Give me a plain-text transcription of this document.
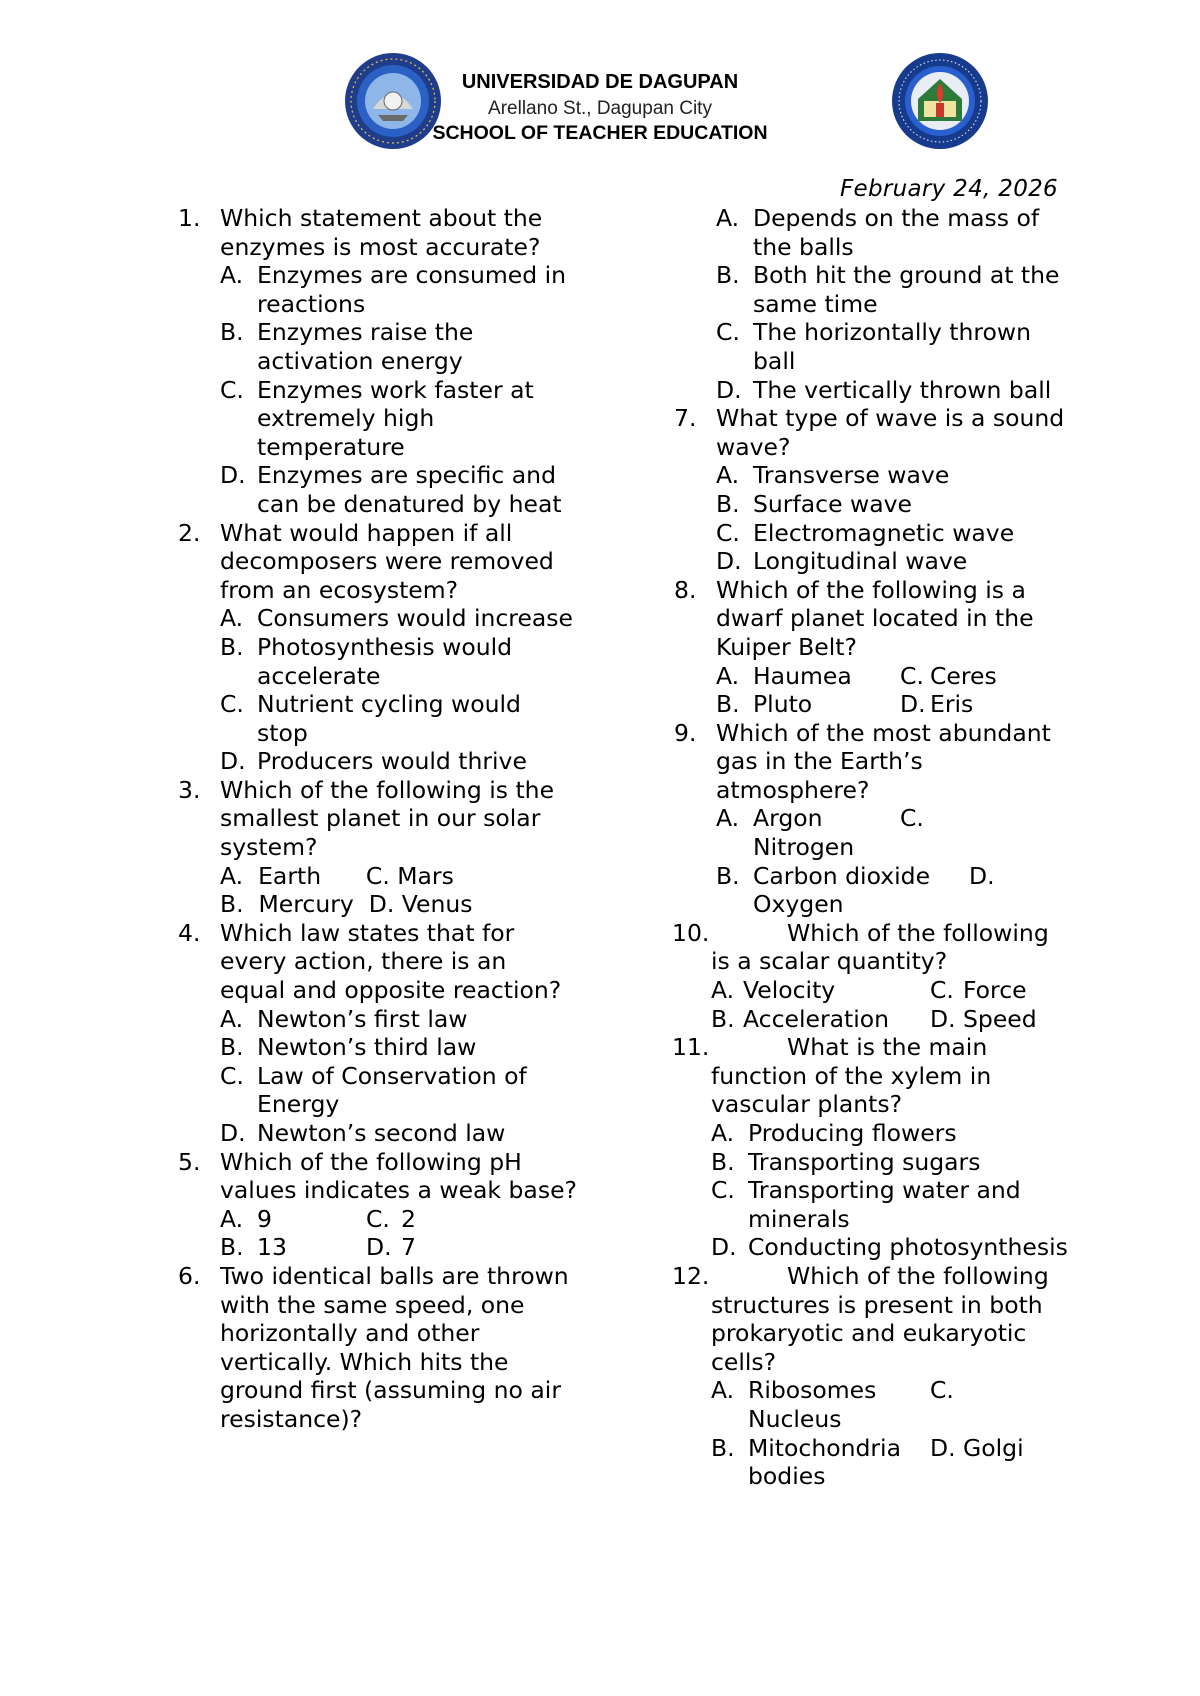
UNIVERSIDAD DE DAGUPAN
Arellano St., Dagupan City
SCHOOL OF TEACHER EDUCATION
February 24, 2026
1. Which statement about the enzymes is most accurate?
A. Enzymes are consumed in reactions
B. Enzymes raise the activation energy
C. Enzymes work faster at extremely high temperature
D. Enzymes are specific and can be denatured by heat
2. What would happen if all decomposers were removed from an ecosystem?
A. Consumers would increase
B. Photosynthesis would accelerate
C. Nutrient cycling would stop
D. Producers would thrive
3. Which of the following is the smallest planet in our solar system?
A.  Earth      C. Mars
B.  Mercury  D. Venus
4. Which law states that for every action, there is an equal and opposite reaction?
A. Newton’s first law
B. Newton’s third law
C. Law of Conservation of Energy
D. Newton’s second law
5. Which of the following pH values indicates a weak base?
A. 9	C. 2
B. 13	D. 7
6. Two identical balls are thrown with the same speed, one horizontally and other vertically. Which hits the ground first (assuming no air resistance)?
A. Depends on the mass of the balls
B. Both hit the ground at the same time
C. The horizontally thrown ball
D. The vertically thrown ball
7. What type of wave is a sound wave?
A. Transverse wave
B. Surface wave
C. Electromagnetic wave
D. Longitudinal wave
8. Which of the following is a dwarf planet located in the Kuiper Belt?
A. Haumea C. Ceres
B. Pluto	D. Eris
9. Which of the most abundant gas in the Earth’s atmosphere?
A. Argon	C.
Nitrogen
B. Carbon dioxide D.
Oxygen
10.	Which of the following
is a scalar quantity?
A. Velocity	C. Force
B. Acceleration D. Speed
11.	What is the main
function of the xylem in vascular plants?
A. Producing flowers
B. Transporting sugars
C. Transporting water and minerals
D. Conducting photosynthesis
12.	Which of the following
structures is present in both prokaryotic and eukaryotic cells?
A. Ribosomes C.
Nucleus
B. Mitochondria D. Golgi
bodies
